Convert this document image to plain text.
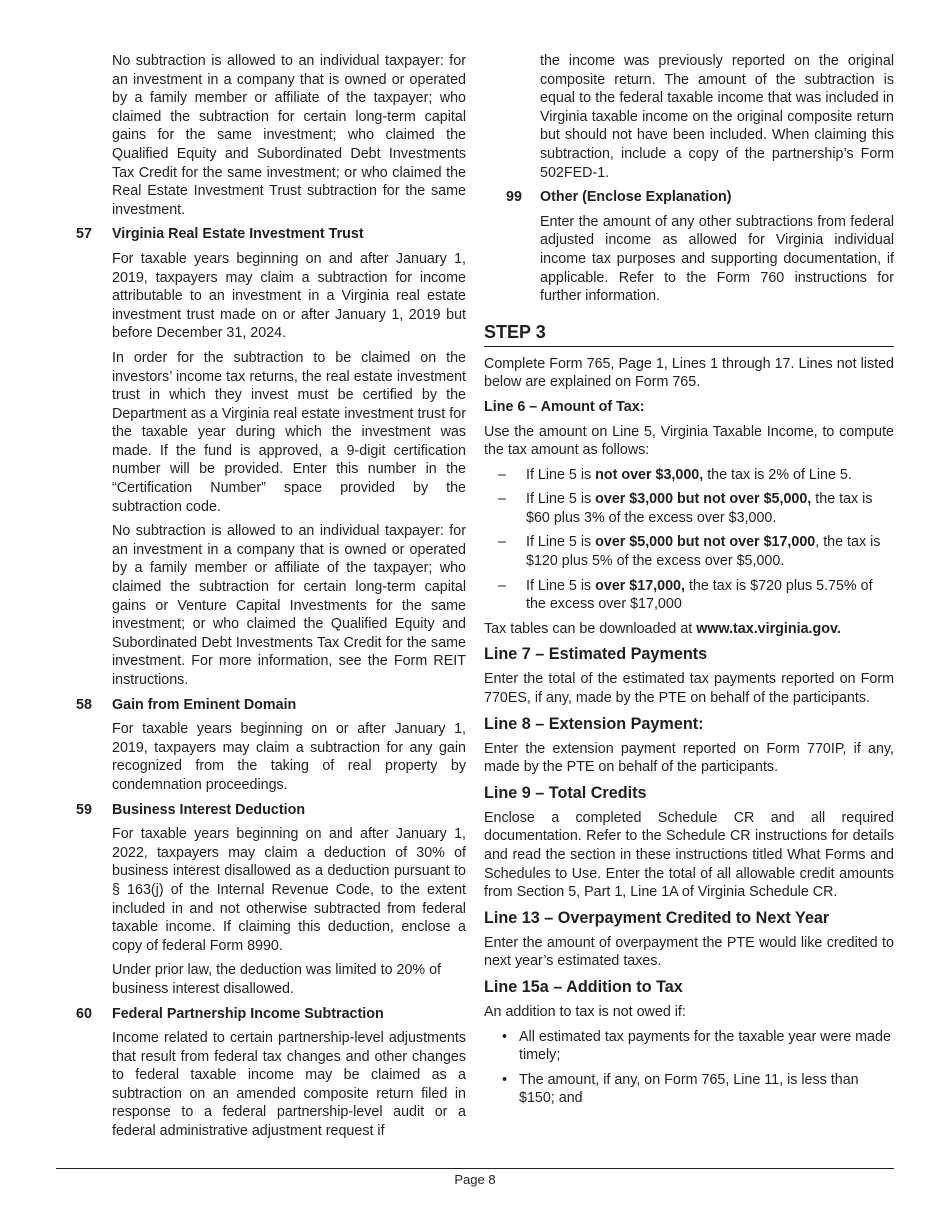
No subtraction is allowed to an individual taxpayer: for an investment in a company that is owned or operated by a family member or affiliate of the taxpayer; who claimed the subtraction for certain long-term capital gains for the same investment; who claimed the Qualified Equity and Subordinated Debt Investments Tax Credit for the same investment; or who claimed the Real Estate Investment Trust subtraction for the same investment.

57	Virginia Real Estate Investment Trust

For taxable years beginning on and after January 1, 2019, taxpayers may claim a subtraction for income attributable to an investment in a Virginia real estate investment trust made on or after January 1, 2019 but before December 31, 2024.

In order for the subtraction to be claimed on the investors’ income tax returns, the real estate investment trust in which they invest must be certified by the Department as a Virginia real estate investment trust for the taxable year during which the investment was made. If the fund is approved, a 9-digit certification number will be provided. Enter this number in the “Certification Number” space provided by the subtraction code.

No subtraction is allowed to an individual taxpayer: for an investment in a company that is owned or operated by a family member or affiliate of the taxpayer; who claimed the subtraction for certain long-term capital gains or Venture Capital Investments for the same investment; or who claimed the Qualified Equity and Subordinated Debt Investments Tax Credit for the same investment. For more information, see the Form REIT instructions.

58	Gain from Eminent Domain

For taxable years beginning on or after January 1, 2019, taxpayers may claim a subtraction for any gain recognized from the taking of real property by condemnation proceedings.

59	Business Interest Deduction

For taxable years beginning on and after January 1, 2022, taxpayers may claim a deduction of 30% of business interest disallowed as a deduction pursuant to § 163(j) of the Internal Revenue Code, to the extent included in and not otherwise subtracted from federal taxable income. If claiming this deduction, enclose a copy of federal Form 8990.

Under prior law, the deduction was limited to 20% of business interest disallowed.

60	Federal Partnership Income Subtraction

Income related to certain partnership-level adjustments that result from federal tax changes and other changes to federal taxable income may be claimed as a subtraction on an amended composite return filed in response to a federal partnership-level audit or a federal administrative adjustment request if

the income was previously reported on the original composite return. The amount of the subtraction is equal to the federal taxable income that was included in Virginia taxable income on the original composite return but should not have been included. When claiming this subtraction, include a copy of the partnership’s Form 502FED-1.

99	Other (Enclose Explanation)

Enter the amount of any other subtractions from federal adjusted income as allowed for Virginia individual income tax purposes and supporting documentation, if applicable. Refer to the Form 760 instructions for further information.

STEP 3

Complete Form 765, Page 1, Lines 1 through 17. Lines not listed below are explained on Form 765.

Line 6 – Amount of Tax:

Use the amount on Line 5, Virginia Taxable Income, to compute the tax amount as follows:

–	If Line 5 is not over $3,000, the tax is 2% of Line 5.
–	If Line 5 is over $3,000 but not over $5,000, the tax is $60 plus 3% of the excess over $3,000.
–	If Line 5 is over $5,000 but not over $17,000, the tax is $120 plus 5% of the excess over $5,000.
–	If Line 5 is over $17,000, the tax is $720 plus 5.75% of the excess over $17,000

Tax tables can be downloaded at www.tax.virginia.gov.

Line 7 – Estimated Payments

Enter the total of the estimated tax payments reported on Form 770ES, if any, made by the PTE on behalf of the participants.

Line 8 – Extension Payment:

Enter the extension payment reported on Form 770IP, if any, made by the PTE on behalf of the participants.

Line 9 – Total Credits

Enclose a completed Schedule CR and all required documentation. Refer to the Schedule CR instructions for details and read the section in these instructions titled What Forms and Schedules to Use. Enter the total of all allowable credit amounts from Section 5, Part 1, Line 1A of Virginia Schedule CR.

Line 13 – Overpayment Credited to Next Year

Enter the amount of overpayment the PTE would like credited to next year’s estimated taxes.

Line 15a – Addition to Tax

An addition to tax is not owed if:

• All estimated tax payments for the taxable year were made timely;
• The amount, if any, on Form 765, Line 11, is less than $150; and
Page 8
